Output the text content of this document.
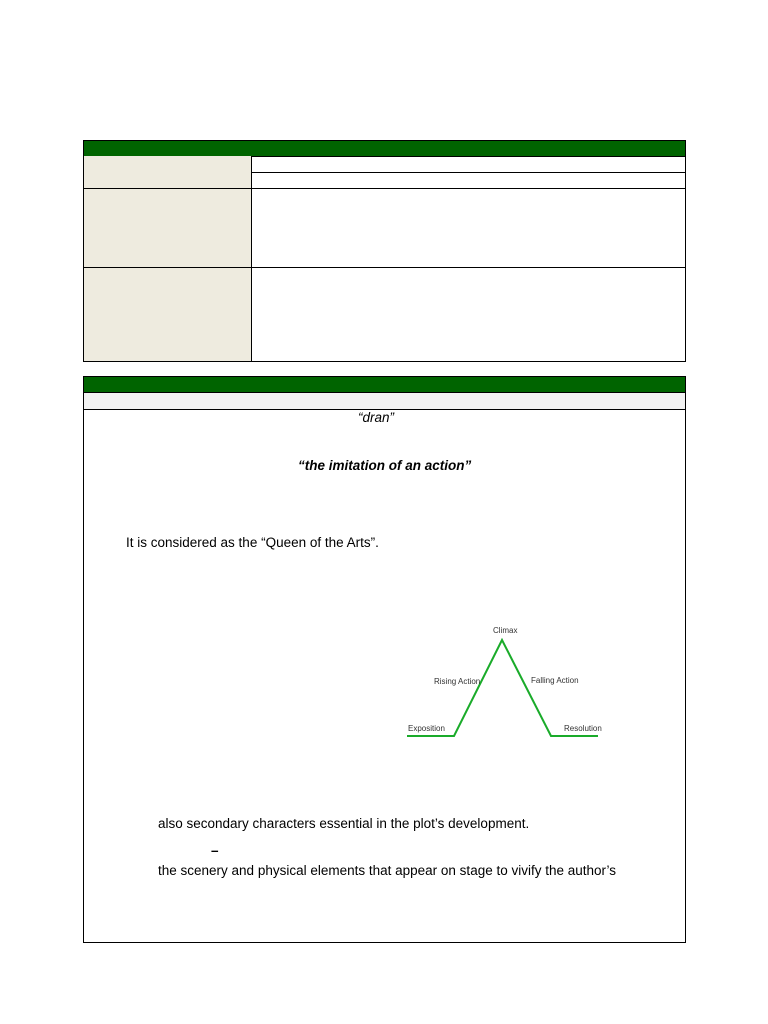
“dran”
“the imitation of an action”
It is considered as the “Queen of the Arts”.
Climax
Rising Action	Falling Action
Exposition	Resolution
also secondary characters essential in the plot’s development.
–
the scenery and physical elements that appear on stage to vivify the author’s
